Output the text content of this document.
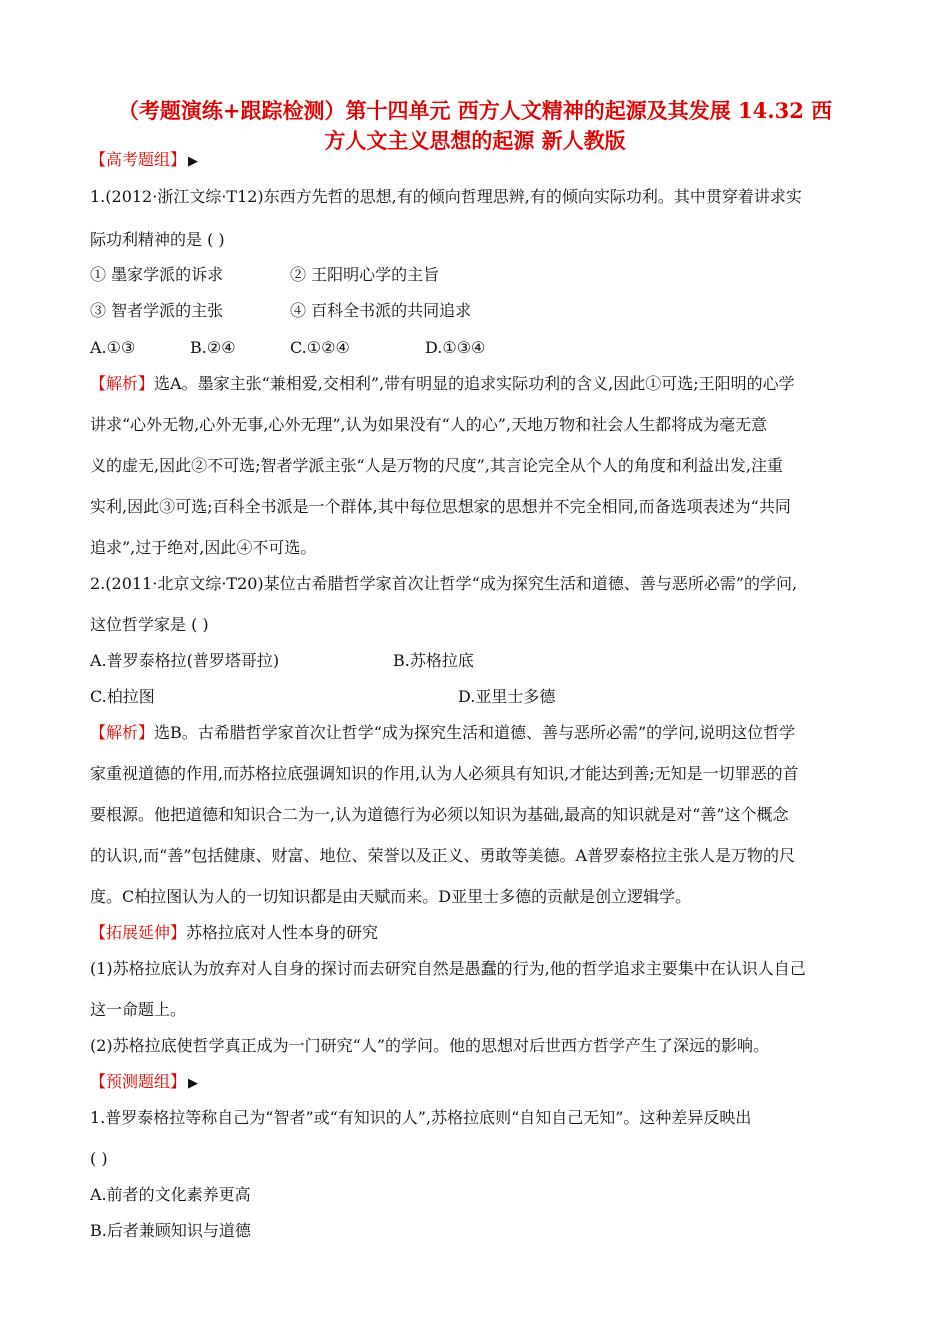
（考题演练+跟踪检测）第十四单元 西方人文精神的起源及其发展 14.32 西
方人文主义思想的起源 新人教版
【高考题组】 ▶
1.(2012·浙江文综·T12)东西方先哲的思想,有的倾向哲理思辨,有的倾向实际功利。其中贯穿着讲求实
际功利精神的是 ( )
① 墨家学派的诉求	② 王阳明心学的主旨
③ 智者学派的主张	④ 百科全书派的共同追求
A.①③	B.②④	C.①②④	D.①③④
【解析】选A。墨家主张“兼相爱,交相利”,带有明显的追求实际功利的含义,因此①可选;王阳明的心学
讲求“心外无物,心外无事,心外无理”,认为如果没有“人的心”,天地万物和社会人生都将成为毫无意
义的虚无,因此②不可选;智者学派主张“人是万物的尺度”,其言论完全从个人的角度和利益出发,注重
实利,因此③可选;百科全书派是一个群体,其中每位思想家的思想并不完全相同,而备选项表述为“共同
追求”,过于绝对,因此④不可选。
2.(2011·北京文综·T20)某位古希腊哲学家首次让哲学“成为探究生活和道德、善与恶所必需”的学问,
这位哲学家是 ( )
A.普罗泰格拉(普罗塔哥拉)	B.苏格拉底
C.柏拉图	D.亚里士多德
【解析】选B。古希腊哲学家首次让哲学“成为探究生活和道德、善与恶所必需”的学问,说明这位哲学
家重视道德的作用,而苏格拉底强调知识的作用,认为人必须具有知识,才能达到善;无知是一切罪恶的首
要根源。他把道德和知识合二为一,认为道德行为必须以知识为基础,最高的知识就是对“善”这个概念
的认识,而“善”包括健康、财富、地位、荣誉以及正义、勇敢等美德。A普罗泰格拉主张人是万物的尺
度。C柏拉图认为人的一切知识都是由天赋而来。D亚里士多德的贡献是创立逻辑学。
【拓展延伸】苏格拉底对人性本身的研究
(1)苏格拉底认为放弃对人自身的探讨而去研究自然是愚蠢的行为,他的哲学追求主要集中在认识人自己
这一命题上。
(2)苏格拉底使哲学真正成为一门研究“人”的学问。他的思想对后世西方哲学产生了深远的影响。
【预测题组】 ▶
1.普罗泰格拉等称自己为“智者”或“有知识的人”,苏格拉底则“自知自己无知”。这种差异反映出
( )
A.前者的文化素养更高
B.后者兼顾知识与道德
